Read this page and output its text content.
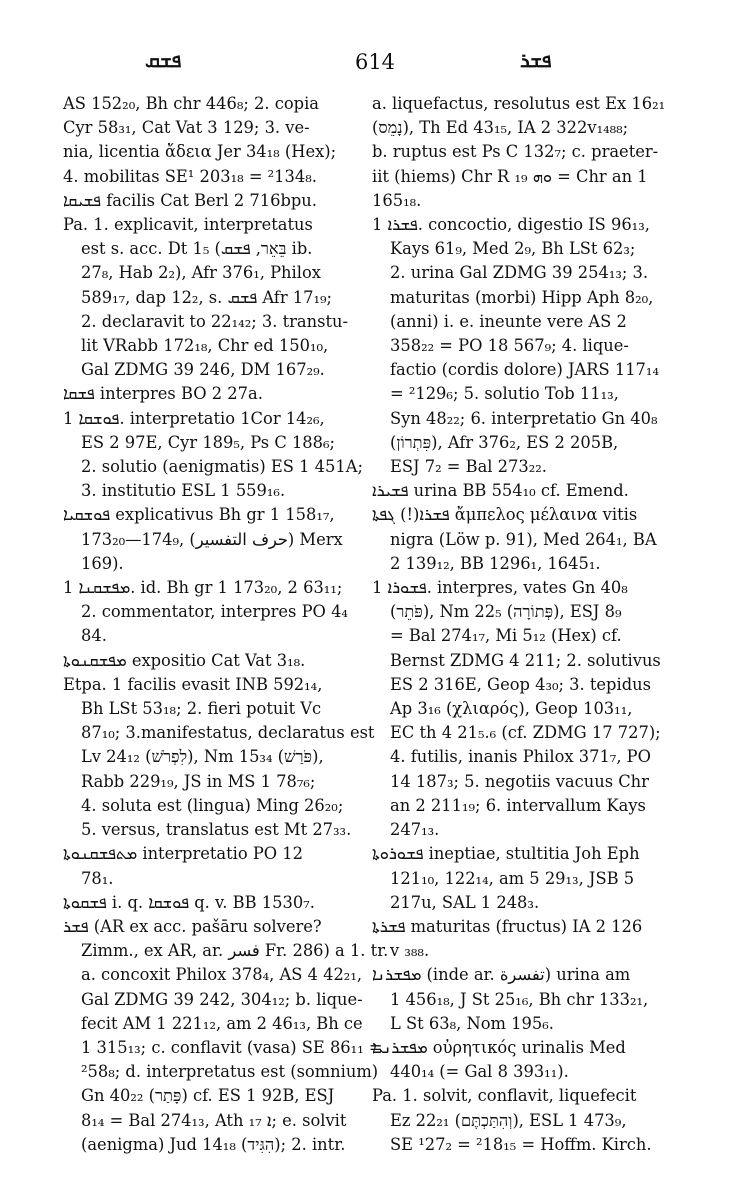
ܦܫܩ	614	ܦܫܪ
AS 152₂₀, Bh chr 446₈; 2. copia
Cyr 58₃₁, Cat Vat 3 129; 3. ve-
nia, licentia ἄδεια Jer 34₁₈ (Hex);
4. mobilitas SE¹ 203₁₈ = ²134₈.
ܦܫܝܩܐ facilis Cat Berl 2 716bpu.
Pa. 1. explicavit, interpretatus
est s. acc. Dt 1₅ (בֵּאֵר, ܦܫܩ ib.
27₈, Hab 2₂), Afr 376₁, Philox
589₁₇, dap 12₂, s. ܦܫܩ Afr 17₁₉;
2. declaravit to 22₁₄₂; 3. transtu-
lit VRabb 172₁₈, Chr ed 150₁₀,
Gal ZDMG 39 246, DM 167₂₉.
ܦܫܩܐ interpres BO 2 27a.
ܦܘܫܩܐ 1. interpretatio 1Cor 14₂₆,
ES 2 97E, Cyr 189₅, Ps C 188₆;
2. solutio (aenigmatis) ES 1 451A;
3. institutio ESL 1 559₁₆.
ܦܘܫܩܝܐ explicativus Bh gr 1 158₁₇,
173₂₀—174₉, (حرف التفسير) Merx
169).
ܡܦܫܩܢܐ 1. id. Bh gr 1 173₂₀, 2 63₁₁;
2. commentator, interpres PO 4₄
84.
ܡܦܫܩܢܘܬܐ expositio Cat Vat 3₁₈.
Etpa. 1 facilis evasit INB 592₁₄,
Bh LSt 53₁₈; 2. fieri potuit Vc
87₁₀; 3.manifestatus, declaratus est
Lv 24₁₂ (לִפְרֹשׁ), Nm 15₃₄ (פֹּרַשׁ),
Rabb 229₁₉, JS in MS 1 78₇₆;
4. soluta est (lingua) Ming 26₂₀;
5. versus, translatus est Mt 27₃₃.
ܡܬܦܫܩܢܘܬܐ interpretatio PO 12
78₁.
ܦܫܩܘܬܐ i. q. ܦܘܫܩܐ q. v. BB 1530₇.
ܦܫܪ (AR ex acc. pašāru solvere?
Zimm., ex AR, ar. فسر Fr. 286) a 1. tr.
a. concoxit Philox 378₄, AS 4 42₂₁,
Gal ZDMG 39 242, 304₁₂; b. lique-
fecit AM 1 221₁₂, am 2 46₁₃, Bh ce
1 315₁₃; c. conflavit (vasa) SE 86₁₁ =
²58₈; d. interpretatus est (somnium)
Gn 40₂₂ (פָּתַר) cf. ES 1 92B, ESJ
8₁₄ = Bal 274₁₃, Ath ܐ ₁₇; e. solvit
(aenigma) Jud 14₁₈ (הִגִּיד); 2. intr.
a. liquefactus, resolutus est Ex 16₂₁
(נָמֵס), Th Ed 43₁₅, IA 2 322v₁₄₈₈;
b. ruptus est Ps C 132₇; c. praeter-
iit (hiems) Chr R ܘܗ ₁₉ = Chr an 1
165₁₈.
ܦܫܪܐ 1. concoctio, digestio IS 96₁₃,
Kays 61₉, Med 2₉, Bh LSt 62₃;
2. urina Gal ZDMG 39 254₁₃; 3.
maturitas (morbi) Hipp Aph 8₂₀,
(anni) i. e. ineunte vere AS 2
358₂₂ = PO 18 567₉; 4. lique-
factio (cordis dolore) JARS 117₁₄
= ²129₆; 5. solutio Tob 11₁₃,
Syn 48₂₂; 6. interpretatio Gn 40₈
(פִּתְרוֹן), Afr 376₂, ES 2 205B,
ESJ 7₂ = Bal 273₂₂.
ܦܫܝܪܐ urina BB 554₁₀ cf. Emend.
ܦܫܪܐ(!) ܓܦܬܐ ἄμπελος μέλαινα vitis
nigra (Löw p. 91), Med 264₁, BA
2 139₁₂, BB 1296₁, 1645₁.
ܦܫܘܪܐ 1. interpres, vates Gn 40₈
(פֹּתֵר), Nm 22₅ (פְּתוֹרָה), ESJ 8₉
= Bal 274₁₇, Mi 5₁₂ (Hex) cf.
Bernst ZDMG 4 211; 2. solutivus
ES 2 316E, Geop 4₃₀; 3. tepidus
Ap 3₁₆ (χλιαρός), Geop 103₁₁,
EC th 4 21₅.₆ (cf. ZDMG 17 727);
4. futilis, inanis Philox 371₇, PO
14 187₃; 5. negotiis vacuus Chr
an 2 211₁₉; 6. intervallum Kays
247₁₃.
ܦܫܘܪܘܬܐ ineptiae, stultitia Joh Eph
121₁₀, 122₁₄, am 5 29₁₃, JSB 5
217u, SAL 1 248₃.
ܦܫܪܬܐ maturitas (fructus) IA 2 126
v ₃₈₈.
ܡܦܫܪܢܐ (inde ar. تفسرة) urina am
1 456₁₈, J St 25₁₆, Bh chr 133₂₁,
L St 63₈, Nom 195₆.
ܡܦܫܪܢܝܐ οὐρητικός urinalis Med
440₁₄ (= Gal 8 393₁₁).
Pa. 1. solvit, conflavit, liquefecit
Ez 22₂₁ (וְהִתַּכְתֶּם), ESL 1 473₉,
SE ¹27₂ = ²18₁₅ = Hoffm. Kirch.
